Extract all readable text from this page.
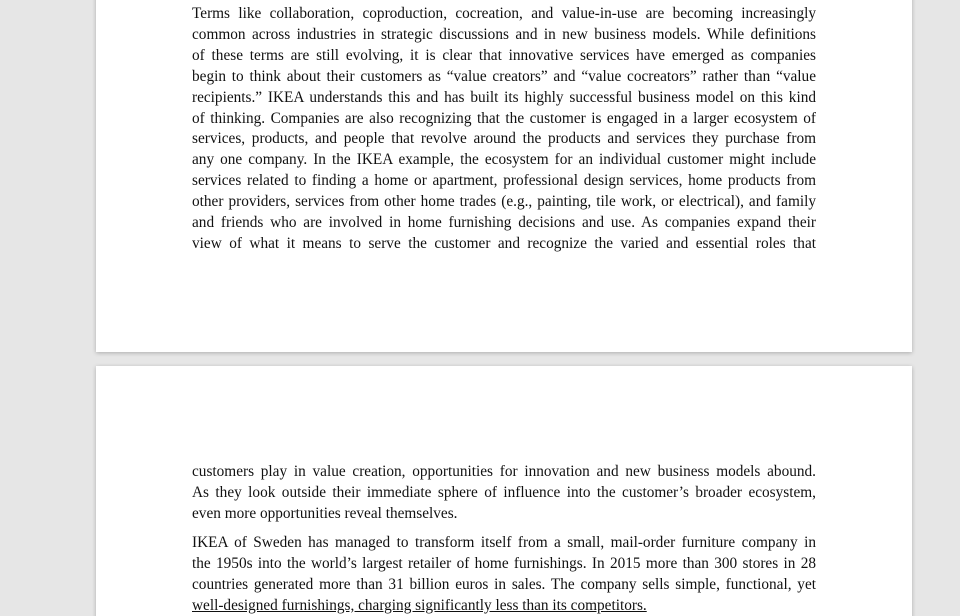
Terms like collaboration, coproduction, cocreation, and value-in-use are becoming increasingly
common across industries in strategic discussions and in new business models. While definitions
of these terms are still evolving, it is clear that innovative services have emerged as companies
begin to think about their customers as “value creators” and “value cocreators” rather than “value
recipients.” IKEA understands this and has built its highly successful business model on this kind
of thinking. Companies are also recognizing that the customer is engaged in a larger ecosystem of
services, products, and people that revolve around the products and services they purchase from
any one company. In the IKEA example, the ecosystem for an individual customer might include
services related to finding a home or apartment, professional design services, home products from
other providers, services from other home trades (e.g., painting, tile work, or electrical), and family
and friends who are involved in home furnishing decisions and use. As companies expand their
view of what it means to serve the customer and recognize the varied and essential roles that
customers play in value creation, opportunities for innovation and new business models abound.
As they look outside their immediate sphere of influence into the customer’s broader ecosystem,
even more opportunities reveal themselves.
IKEA of Sweden has managed to transform itself from a small, mail-order furniture company in
the 1950s into the world’s largest retailer of home furnishings. In 2015 more than 300 stores in 28
countries generated more than 31 billion euros in sales. The company sells simple, functional, yet
well-designed furnishings, charging significantly less than its competitors.
